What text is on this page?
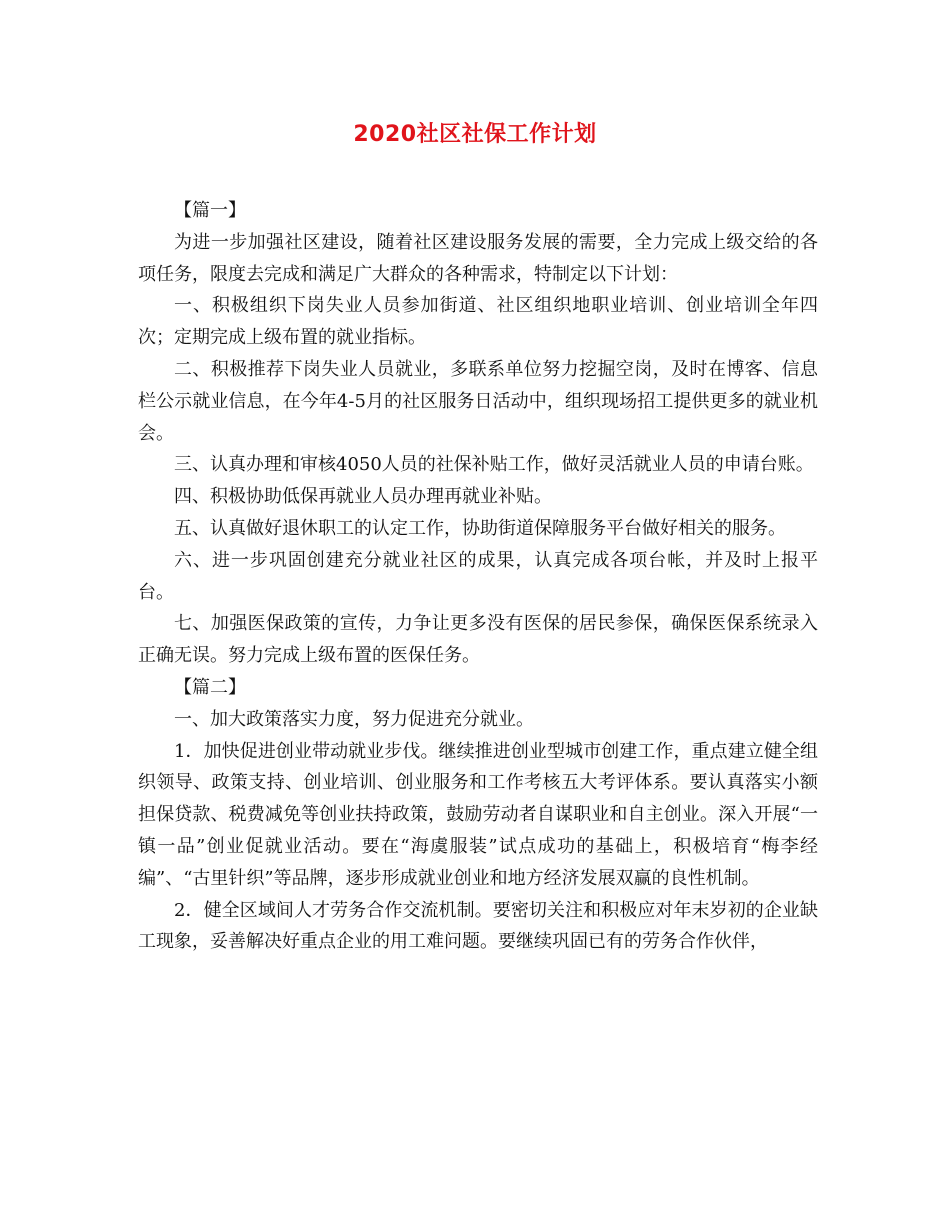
2020社区社保工作计划

【篇一】

为进一步加强社区建设，随着社区建设服务发展的需要，全力完成上级交给的各项任务，限度去完成和满足广大群众的各种需求，特制定以下计划：

一、积极组织下岗失业人员参加街道、社区组织地职业培训、创业培训全年四次；定期完成上级布置的就业指标。

二、积极推荐下岗失业人员就业，多联系单位努力挖掘空岗，及时在博客、信息栏公示就业信息，在今年4-5月的社区服务日活动中，组织现场招工提供更多的就业机会。

三、认真办理和审核4050人员的社保补贴工作，做好灵活就业人员的申请台账。

四、积极协助低保再就业人员办理再就业补贴。

五、认真做好退休职工的认定工作，协助街道保障服务平台做好相关的服务。

六、进一步巩固创建充分就业社区的成果，认真完成各项台帐，并及时上报平台。

七、加强医保政策的宣传，力争让更多没有医保的居民参保，确保医保系统录入正确无误。努力完成上级布置的医保任务。

【篇二】

一、加大政策落实力度，努力促进充分就业。

1．加快促进创业带动就业步伐。继续推进创业型城市创建工作，重点建立健全组织领导、政策支持、创业培训、创业服务和工作考核五大考评体系。要认真落实小额担保贷款、税费减免等创业扶持政策，鼓励劳动者自谋职业和自主创业。深入开展“一镇一品”创业促就业活动。要在“海虞服装”试点成功的基础上，积极培育“梅李经编”、“古里针织”等品牌，逐步形成就业创业和地方经济发展双赢的良性机制。

2．健全区域间人才劳务合作交流机制。要密切关注和积极应对年末岁初的企业缺工现象，妥善解决好重点企业的用工难问题。要继续巩固已有的劳务合作伙伴，
